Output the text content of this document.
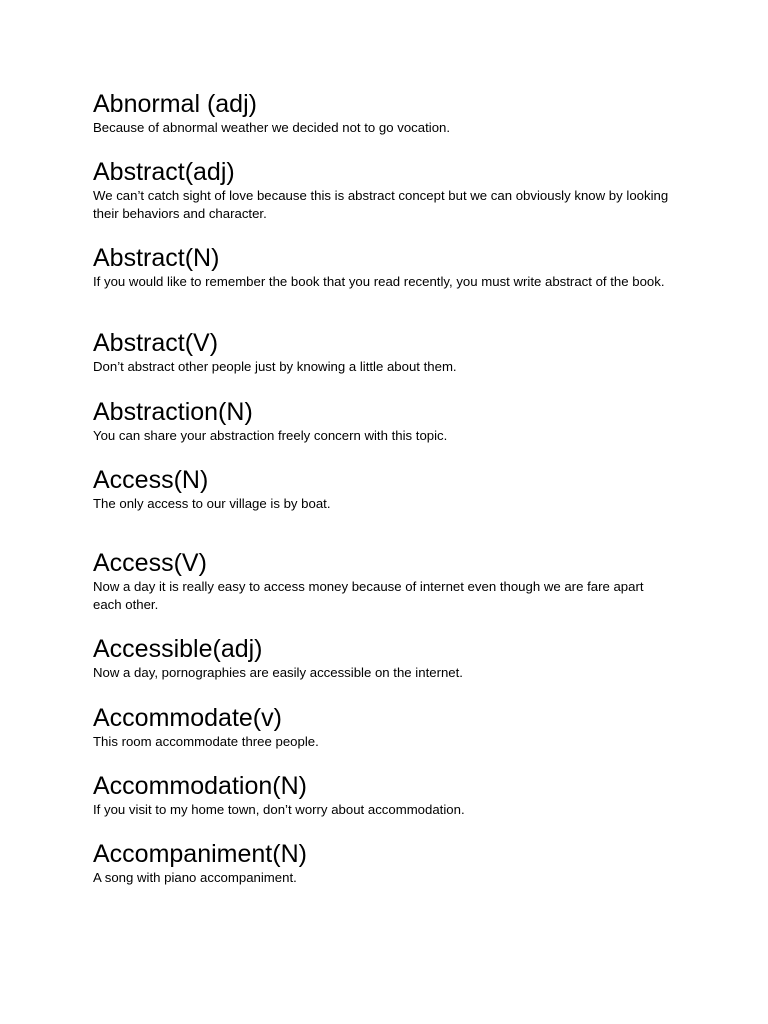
Abnormal (adj)

Because of abnormal weather we decided not to go vocation.

Abstract(adj)

We can’t catch sight of love because this is abstract concept but we can obviously know by looking their behaviors and character.

Abstract(N)

If you would like to remember the book that you read recently, you must write abstract of the book.

Abstract(V)

Don’t abstract other people just by knowing a little about them.

Abstraction(N)

You can share your abstraction freely concern with this topic.

Access(N)

The only access to our village is by boat.

Access(V)

Now a day it is really easy to access money because of internet even though we are fare apart each other.

Accessible(adj)

Now a day, pornographies are easily accessible on the internet.

Accommodate(v)

This room accommodate three people.

Accommodation(N)

If you visit to my home town, don’t worry about accommodation.

Accompaniment(N)

A song with piano accompaniment.
